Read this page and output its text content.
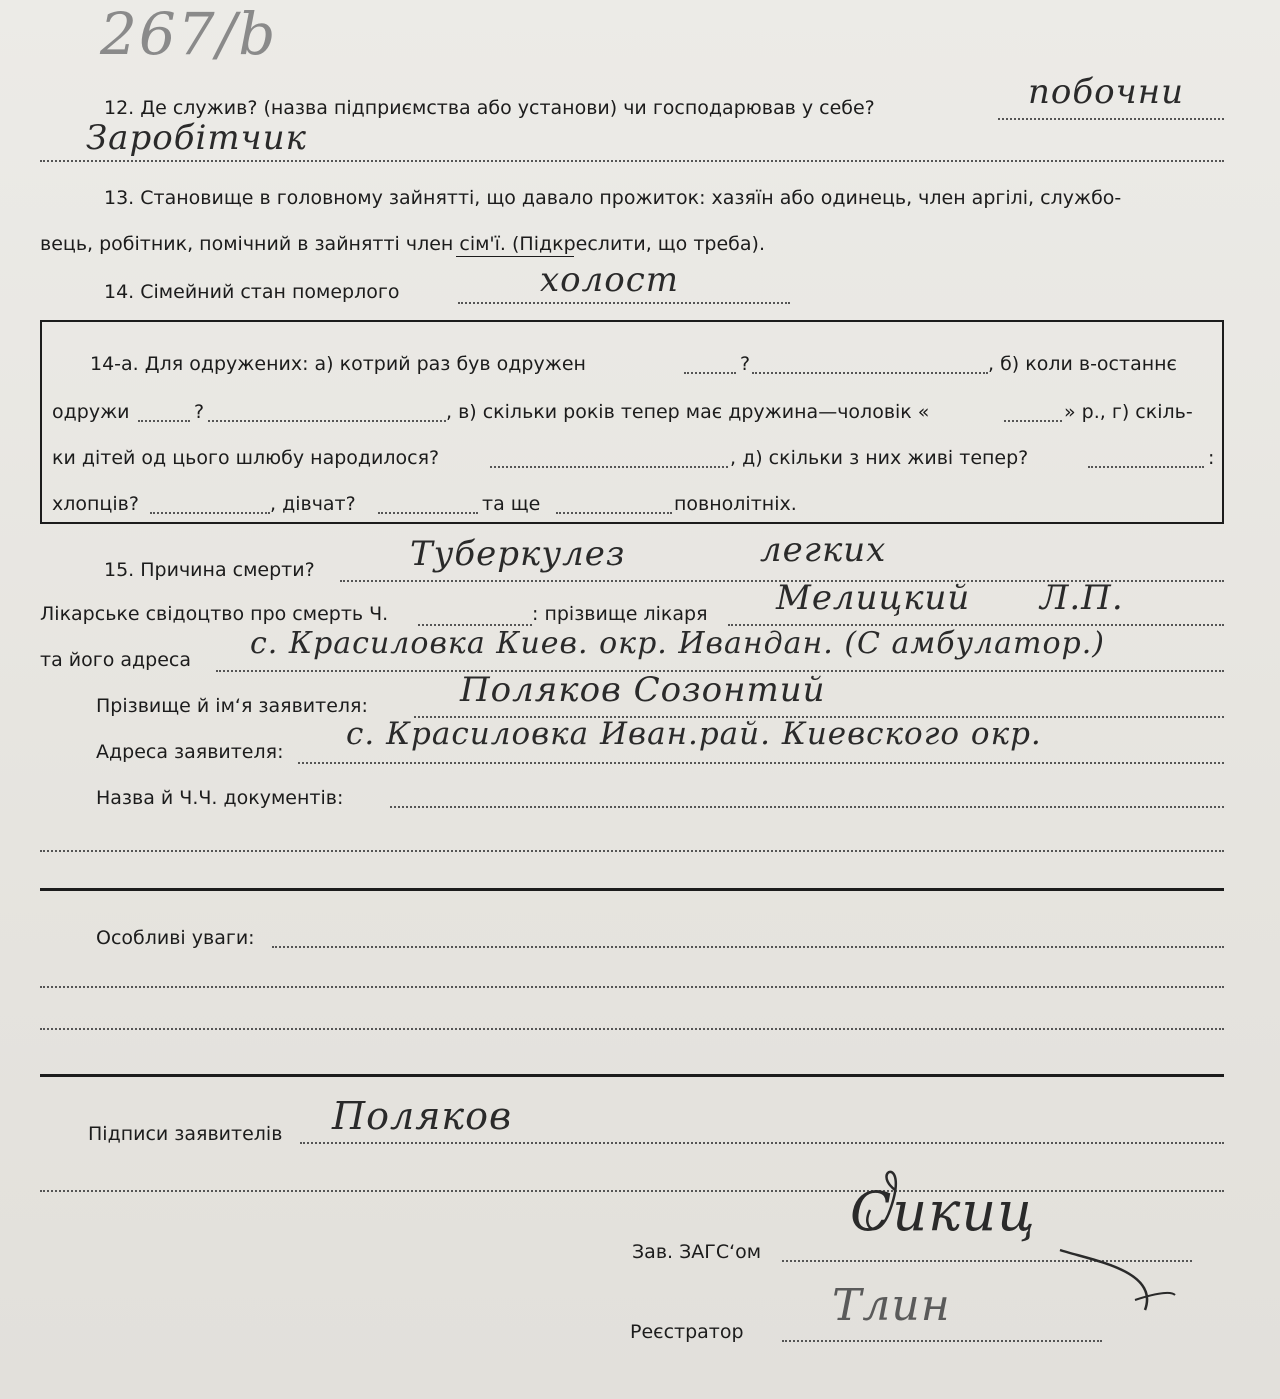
267/b
12. Де служив? (назва підприємства або установи) чи господарював у себе?	побочни
Заробітчик
13. Становище в головному зайнятті, що давало прожиток: хазяїн або одинець, член аргілі, службо-
вець, робітник, помічний в зайнятті член сім'ї. (Підкреслити, що треба).
14. Сімейний стан померлого	холост
14-а. Для одружених: а) котрий раз був одружен	?	, б) коли в-останнє
одружи	?	, в) скільки років тепер має дружина—чоловік «	» р., г) скіль-
ки дітей од цього шлюбу народилося?	, д) скільки з них живі тепер?	:
хлопців?	, дівчат?	та ще	повнолітніх.
15. Причина смерти?	Туберкулез	легких
Лікарське свідоцтво про смерть Ч.	: прізвище лікаря Мелицкий Л.П.
та його адреса с. Красиловка Киев. окр. Ивандан. (С амбулатор.)
Прізвище й ім‘я заявителя:	Поляков Созонтий
Адреса заявителя: с. Красиловка Иван.рай. Киевского окр.
Назва й Ч.Ч. документів:
Особливі уваги:
Підписи заявителів Поляков
Зав. ЗАГС‘ом
Сикиц
Реєстратор
Тлин
